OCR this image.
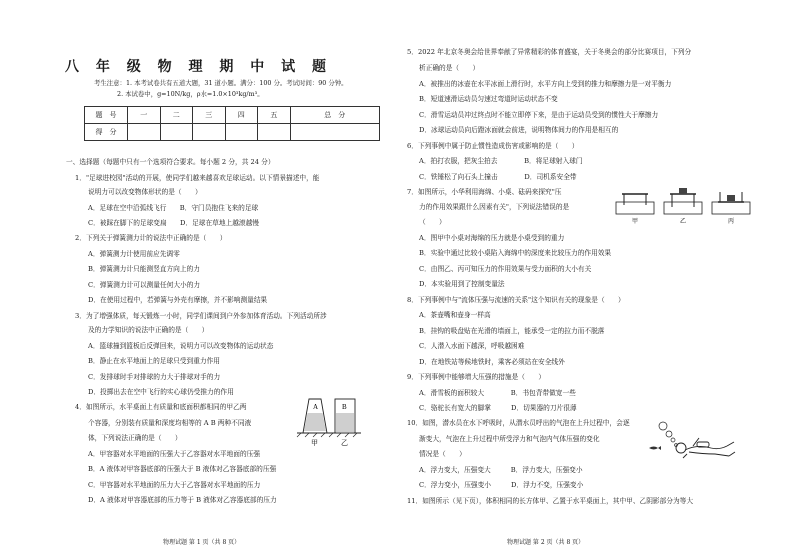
八 年 级 物 理 期 中 试 题
考生注意：1. 本考试卷共有五道大题，31 道小题。满分：100 分。考试时间：90 分钟。
2. 本试卷中，g=10N/kg，ρ水=1.0×10³kg/m³。
题　号	一	二	三	四	五	总　分
得　分						
一、选择题（每题中只有一个选项符合要求。每小题 2 分，共 24 分）
1．"足球进校园"活动的开展，使同学们越来越喜欢足球运动。以下情景描述中，能
说明力可以改变物体形状的是（　　）
A．足球在空中沿弧线飞行　　B．守门员抱住飞来的足球
C．被踩在脚下的足球变扁　　D．足球在草地上越滚越慢
2．下列关于弹簧测力计的说法中正确的是（　　）
A．弹簧测力计使用前应先调零
B．弹簧测力计只能测竖直方向上的力
C．弹簧测力计可以测量任何大小的力
D．在使用过程中，若弹簧与外壳有摩擦，并不影响测量结果
3．为了增强体质，每天锻炼一小时，同学们课间到户外参加体育活动。下列活动所涉
及的力学知识的说法中正确的是（　　）
A．篮球撞到篮板后反弹回来，说明力可以改变物体的运动状态
B．静止在水平地面上的足球只受到重力作用
C．发排球时手对排球的力大于排球对手的力
D．投掷出去在空中飞行的实心球仍受推力的作用
4．如图所示，水平桌面上有质量和底面积都相同的甲乙两
个容器，分别装有质量和深度均相等的 A B 两种不同液
体，下列说法正确的是（　　）
A．甲容器对水平地面的压强大于乙容器对水平地面的压强
B．A 液体对甲容器底部的压强大于 B 液体对乙容器底部的压强
C．甲容器对水平地面的压力大于乙容器对水平地面的压力
D．A 液体对甲容器底部的压力等于 B 液体对乙容器底部的压力
A	B
甲	乙
物理试题 第 1 页（共 8 页）
5．2022 年北京冬奥会给世界奉献了异常精彩的体育盛宴，关于冬奥会的部分比赛项目，下列分
析正确的是（　　）
A．被推出的冰壶在水平冰面上滑行时，水平方向上受到的推力和摩擦力是一对平衡力
B．短道速滑运动员匀速过弯道时运动状态不变
C．滑雪运动员冲过终点时不能立即停下来，是由于运动员受到的惯性大于摩擦力
D．冰球运动员向后蹬冰面就会前进，说明物体间力的作用是相互的
6．下列事例中属于防止惯性造成伤害或影响的是（　　）
A．拍打衣服，把灰尘拍去　　　　B．将足球射入球门
C．铁锤松了向石头上撞击　　　　D．司机系安全带
7．如图所示，小华利用海绵、小桌、砝码来探究"压
力的作用效果跟什么因素有关"，下列说法错误的是
（　　）
A．图甲中小桌对海绵的压力就是小桌受到的重力
B．实验中通过比较小桌陷入海绵中的深度来比较压力的作用效果
C．由图乙、丙可知压力的作用效果与受力面积的大小有关
D．本实验用到了控制变量法
8．下列事例中与"流体压强与流速的关系"这个知识有关的现象是（　　）
A．茶壶嘴和壶身一样高
B．挂钩的吸盘贴在光滑的墙面上，能承受一定的拉力而不脱落
C．人潜入水面下越深，呼吸越困难
D．在地铁站等候地铁时，乘客必须站在安全线外
9．下列事例中能够增大压强的措施是（　　）
A．滑雪板的面积较大　　　　B．书包背带做宽一些
C．骆驼长有宽大的脚掌　　　D．切果器的刀片很薄
10．如图，潜水员在水下呼吸时，从潜水员呼出的气泡在上升过程中，会逐
渐变大，气泡在上升过程中所受浮力和气泡内气体压强的变化
情况是（　　）
A．浮力变大，压强变大　　　B．浮力变大，压强变小
C．浮力变小，压强变小　　　D．浮力不变，压强变小
11．如图所示（见下页），体积相同的长方体甲、乙置于水平桌面上，其中甲、乙阴影部分为等大
甲	乙	丙
物理试题 第 2 页（共 8 页）
